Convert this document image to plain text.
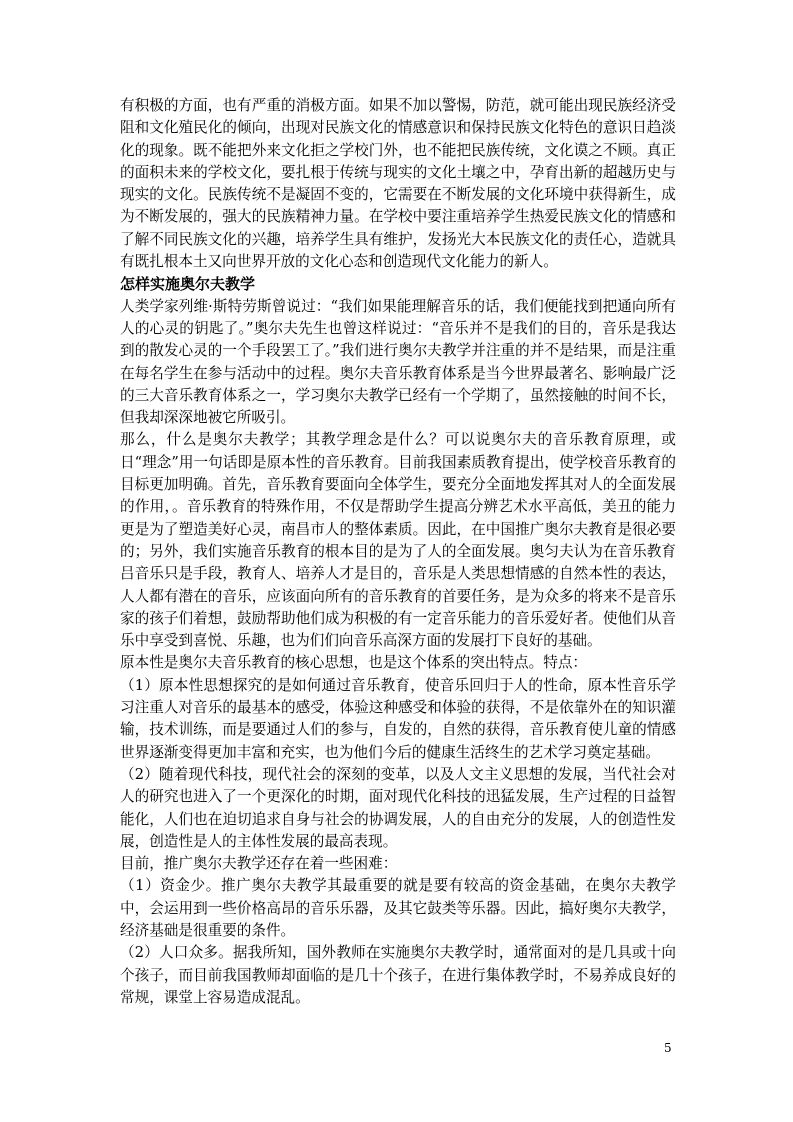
有积极的方面，也有严重的消极方面。如果不加以警惕，防范，就可能出现民族经济受阻和文化殖民化的倾向，出现对民族文化的情感意识和保持民族文化特色的意识日趋淡化的现象。既不能把外来文化拒之学校门外，也不能把民族传统，文化谟之不顾。真正的面积未来的学校文化，要扎根于传统与现实的文化土壤之中，孕育出新的超越历史与现实的文化。民族传统不是凝固不变的，它需要在不断发展的文化环境中获得新生，成为不断发展的，强大的民族精神力量。在学校中要注重培养学生热爱民族文化的情感和了解不同民族文化的兴趣，培养学生具有维护，发扬光大本民族文化的责任心，造就具有既扎根本土又向世界开放的文化心态和创造现代文化能力的新人。

怎样实施奥尔夫教学

人类学家列维·斯特劳斯曾说过：“我们如果能理解音乐的话，我们便能找到把通向所有人的心灵的钥匙了。”奥尔夫先生也曾这样说过：“音乐并不是我们的目的，音乐是我达到的散发心灵的一个手段罢工了。”我们进行奥尔夫教学并注重的并不是结果，而是注重在每名学生在参与活动中的过程。奥尔夫音乐教育体系是当今世界最著名、影响最广泛的三大音乐教育体系之一，学习奥尔夫教学已经有一个学期了，虽然接触的时间不长，但我却深深地被它所吸引。

那么，什么是奥尔夫教学；其教学理念是什么？可以说奥尔夫的音乐教育原理，或日“理念”用一句话即是原本性的音乐教育。目前我国素质教育提出，使学校音乐教育的目标更加明确。首先，音乐教育要面向全体学生，要充分全面地发挥其对人的全面发展的作用，。音乐教育的特殊作用，不仅是帮助学生提高分辨艺术水平高低，美丑的能力更是为了塑造美好心灵，南昌市人的整体素质。因此，在中国推广奥尔夫教育是很必要的；另外，我们实施音乐教育的根本目的是为了人的全面发展。奥匀夫认为在音乐教育吕音乐只是手段，教育人、培养人才是目的，音乐是人类思想情感的自然本性的表达，人人都有潜在的音乐，应该面向所有的音乐教育的首要任务，是为众多的将来不是音乐家的孩子们着想，鼓励帮助他们成为积极的有一定音乐能力的音乐爱好者。使他们从音乐中享受到喜悦、乐趣，也为们们向音乐高深方面的发展打下良好的基础。

原本性是奥尔夫音乐教育的核心思想，也是这个体系的突出特点。特点：

（1）原本性思想探究的是如何通过音乐教育，使音乐回归于人的性命，原本性音乐学习注重人对音乐的最基本的感受，体验这种感受和体验的获得，不是依靠外在的知识灌输，技术训练，而是要通过人们的参与，自发的，自然的获得，音乐教育使儿童的情感世界逐渐变得更加丰富和充实，也为他们今后的健康生活终生的艺术学习奠定基础。

（2）随着现代科技，现代社会的深刻的变革，以及人文主义思想的发展，当代社会对人的研究也进入了一个更深化的时期，面对现代化科技的迅猛发展，生产过程的日益智能化，人们也在迫切追求自身与社会的协调发展，人的自由充分的发展，人的创造性发展，创造性是人的主体性发展的最高表现。

目前，推广奥尔夫教学还存在着一些困难：

（1）资金少。推广奥尔夫教学其最重要的就是要有较高的资金基础，在奥尔夫教学中，会运用到一些价格高昂的音乐乐器，及其它鼓类等乐器。因此，搞好奥尔夫教学，经济基础是很重要的条件。

（2）人口众多。据我所知，国外教师在实施奥尔夫教学时，通常面对的是几具或十向个孩子，而目前我国教师却面临的是几十个孩子，在进行集体教学时，不易养成良好的常规，课堂上容易造成混乱。

5
